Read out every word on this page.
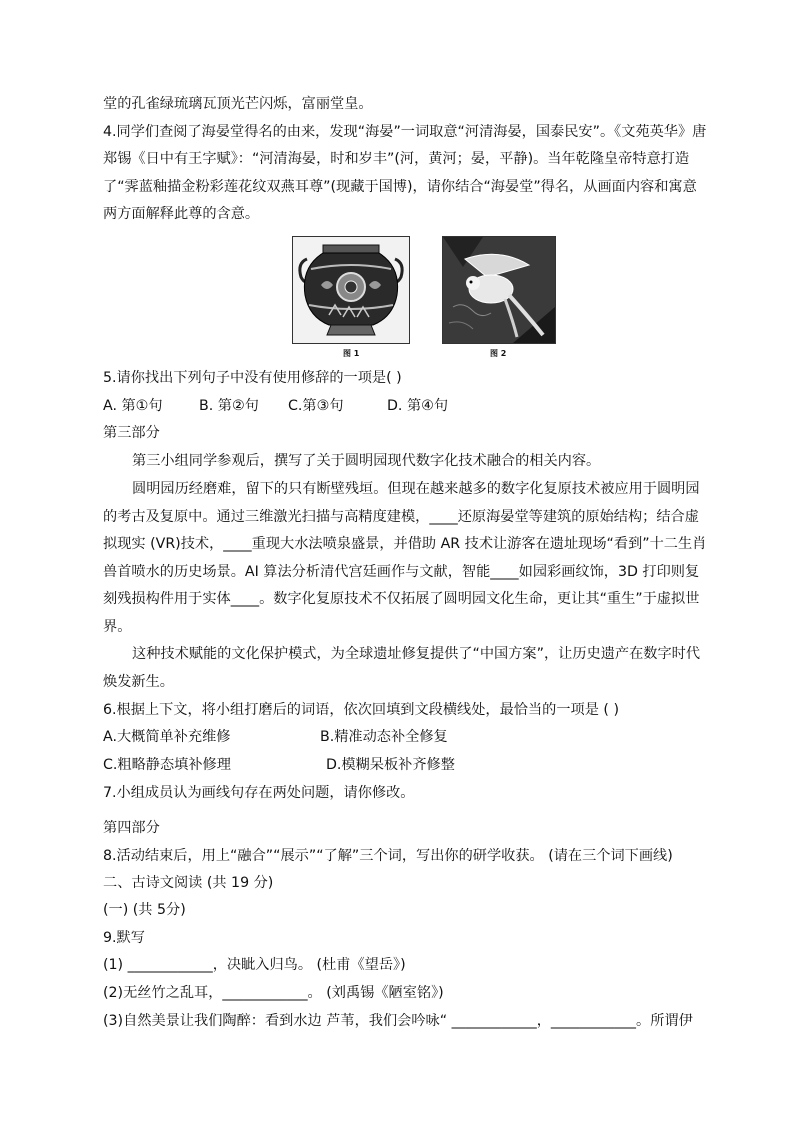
堂的孔雀绿琉璃瓦顶光芒闪烁，富丽堂皇。
4.同学们查阅了海晏堂得名的由来，发现“海晏”一词取意“河清海晏，国泰民安”。《文苑英华》唐
郑锡《日中有王字赋》：“河清海晏，时和岁丰”(河，黄河；晏，平静)。当年乾隆皇帝特意打造
了“霁蓝釉描金粉彩莲花纹双燕耳尊”(现藏于国博)，请你结合“海晏堂”得名，从画面内容和寓意
两方面解释此尊的含意。
图 1	图 2
5.请你找出下列句子中没有使用修辞的一项是( )
A. 第①句	B. 第②句 C.第③句	D. 第④句
第三部分
第三小组同学参观后，撰写了关于圆明园现代数字化技术融合的相关内容。
圆明园历经磨难，留下的只有断壁残垣。但现在越来越多的数字化复原技术被应用于圆明园
的考古及复原中。通过三维激光扫描与高精度建模，____还原海晏堂等建筑的原始结构；结合虚
拟现实 (VR)技术，____重现大水法喷泉盛景，并借助 AR 技术让游客在遗址现场“看到”十二生肖
兽首喷水的历史场景。AI 算法分析清代宫廷画作与文献，智能____如园彩画纹饰，3D 打印则复
刻残损构件用于实体____。数字化复原技术不仅拓展了圆明园文化生命，更让其“重生”于虚拟世
界。
这种技术赋能的文化保护模式，为全球遗址修复提供了“中国方案”，让历史遗产在数字时代
焕发新生。
6.根据上下文，将小组打磨后的词语，依次回填到文段横线处，最恰当的一项是 ( )
A.大概简单补充维修	B.精准动态补全修复
C.粗略静态填补修理	D.模糊呆板补齐修整
7.小组成员认为画线句存在两处问题，请你修改。
第四部分
8.活动结束后，用上“融合”“展示”“了解”三个词，写出你的研学收获。 (请在三个词下画线)
二、古诗文阅读 (共 19 分)
(一) (共 5分)
9.默写
(1) ____________，决眦入归鸟。 (杜甫《望岳》)
(2)无丝竹之乱耳，____________。 (刘禹锡《陋室铭》)
(3)自然美景让我们陶醉：看到水边 芦苇，我们会吟咏“ ____________，____________。所谓伊
